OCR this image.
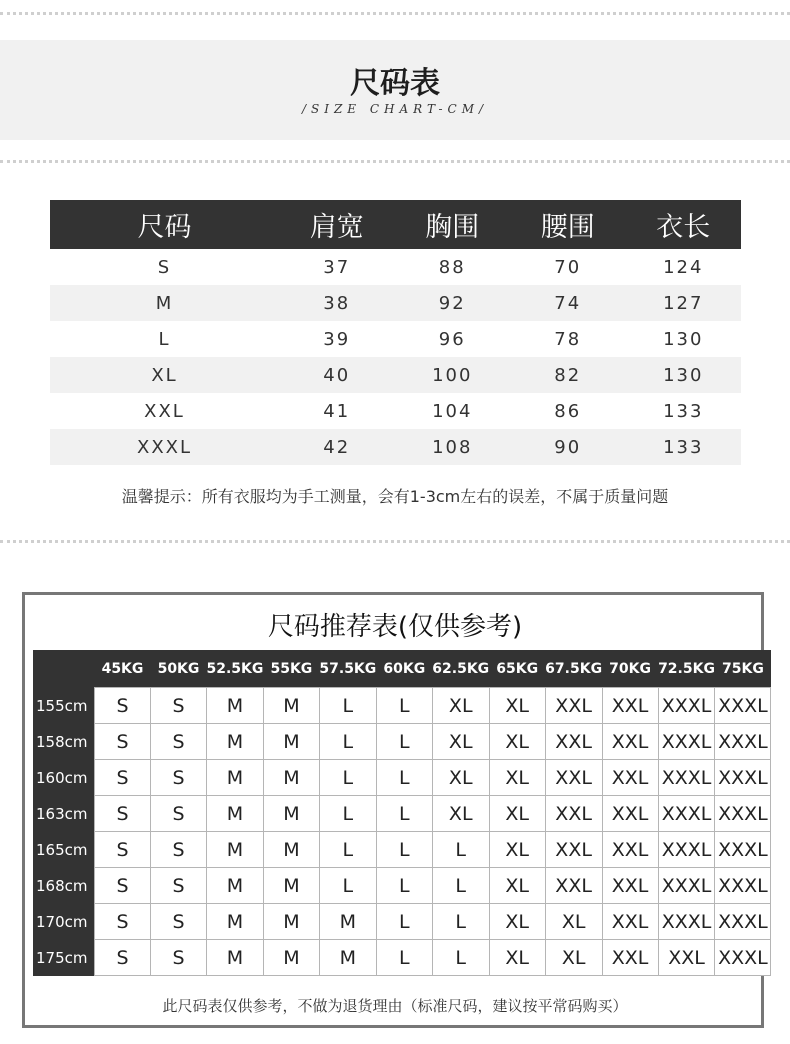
尺码表
/SIZE CHART-CM/
尺码	肩宽	胸围	腰围	衣长
S	37	88	70	124
M	38	92	74	127
L	39	96	78	130
XL	40	100	82	130
XXL	41	104	86	133
XXXL	42	108	90	133
温馨提示：所有衣服均为手工测量，会有1-3cm左右的误差，不属于质量问题
尺码推荐表(仅供参考)
	45KG	50KG	52.5KG	55KG	57.5KG	60KG	62.5KG	65KG	67.5KG	70KG	72.5KG	75KG
155cm	S	S	M	M	L	L	XL	XL	XXL	XXL	XXXL	XXXL
158cm	S	S	M	M	L	L	XL	XL	XXL	XXL	XXXL	XXXL
160cm	S	S	M	M	L	L	XL	XL	XXL	XXL	XXXL	XXXL
163cm	S	S	M	M	L	L	XL	XL	XXL	XXL	XXXL	XXXL
165cm	S	S	M	M	L	L	L	XL	XXL	XXL	XXXL	XXXL
168cm	S	S	M	M	L	L	L	XL	XXL	XXL	XXXL	XXXL
170cm	S	S	M	M	M	L	L	XL	XL	XXL	XXXL	XXXL
175cm	S	S	M	M	M	L	L	XL	XL	XXL	XXL	XXXL
此尺码表仅供参考，不做为退货理由（标准尺码，建议按平常码购买）
